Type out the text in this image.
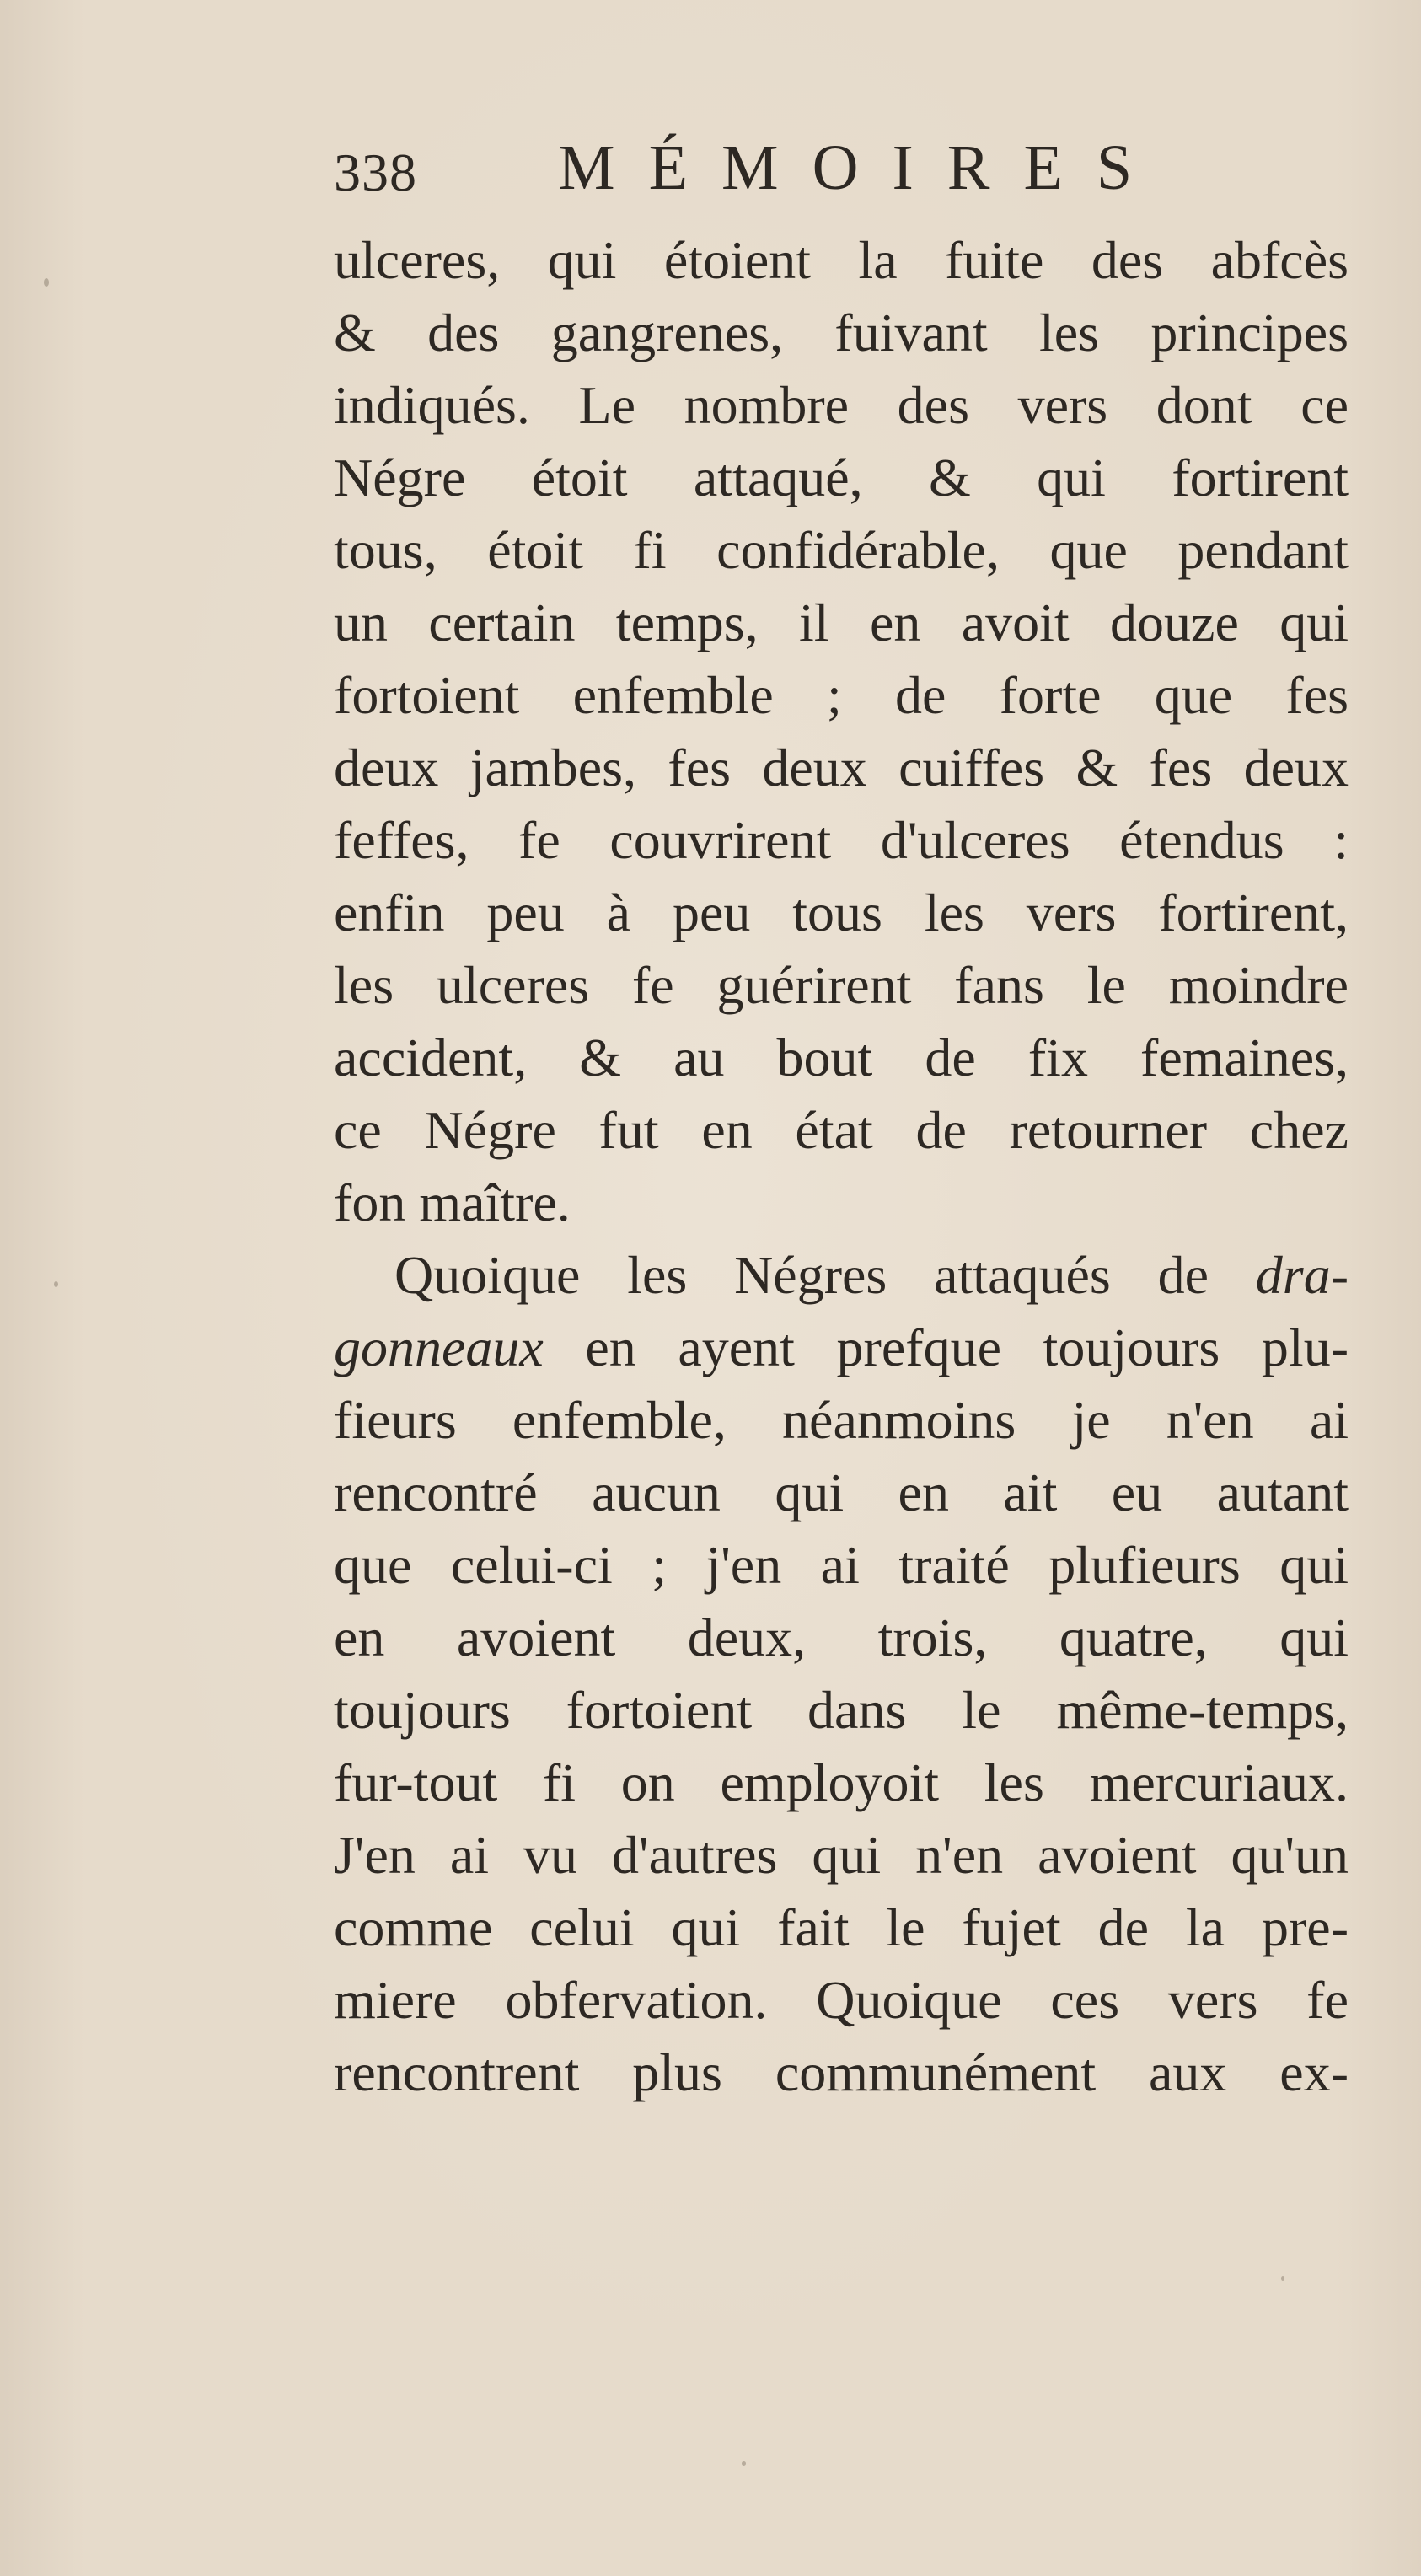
338 MÉMOIRES
ulceres, qui étoient la fuite des abfcès
& des gangrenes, fuivant les principes
indiqués. Le nombre des vers dont ce
Négre étoit attaqué, & qui fortirent
tous, étoit fi confidérable, que pendant
un certain temps, il en avoit douze qui
fortoient enfemble ; de forte que fes
deux jambes, fes deux cuiffes & fes deux
feffes, fe couvrirent d'ulceres étendus :
enfin peu à peu tous les vers fortirent,
les ulceres fe guérirent fans le moindre
accident, & au bout de fix femaines,
ce Négre fut en état de retourner chez
fon maître.
Quoique les Négres attaqués de dra-
gonneaux en ayent prefque toujours plu-
fieurs enfemble, néanmoins je n'en ai
rencontré aucun qui en ait eu autant
que celui-ci ; j'en ai traité plufieurs qui
en avoient deux, trois, quatre, qui
toujours fortoient dans le même-temps,
fur-tout fi on employoit les mercuriaux.
J'en ai vu d'autres qui n'en avoient qu'un
comme celui qui fait le fujet de la pre-
miere obfervation. Quoique ces vers fe
rencontrent plus communément aux ex-
